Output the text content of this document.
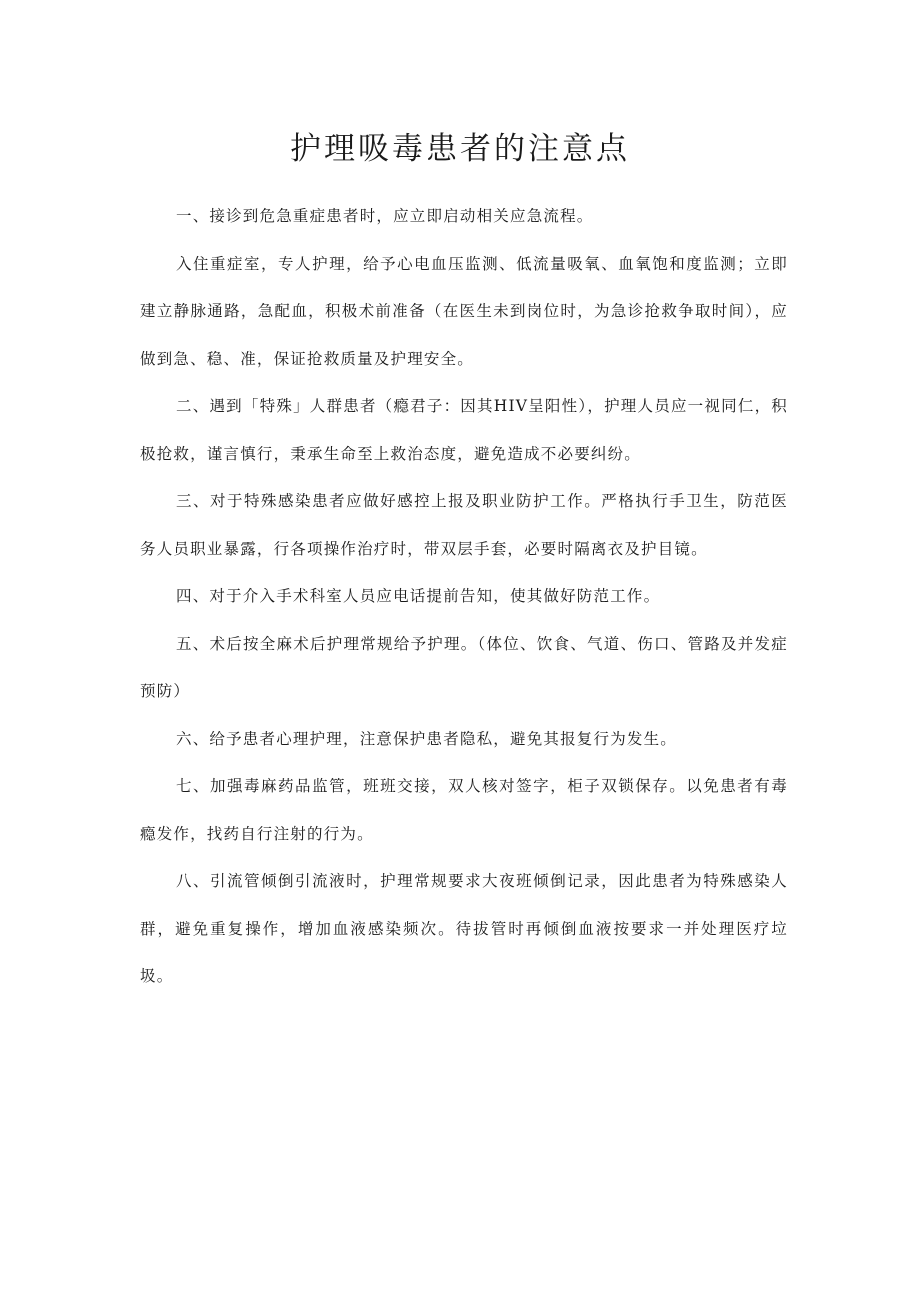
护理吸毒患者的注意点

一、接诊到危急重症患者时，应立即启动相关应急流程。

入住重症室，专人护理，给予心电血压监测、低流量吸氧、血氧饱和度监测；立即建立静脉通路，急配血，积极术前准备（在医生未到岗位时，为急诊抢救争取时间），应做到急、稳、准，保证抢救质量及护理安全。

二、遇到「特殊」人群患者（瘾君子：因其HIV呈阳性），护理人员应一视同仁，积极抢救，谨言慎行，秉承生命至上救治态度，避免造成不必要纠纷。

三、对于特殊感染患者应做好感控上报及职业防护工作。严格执行手卫生，防范医务人员职业暴露，行各项操作治疗时，带双层手套，必要时隔离衣及护目镜。

四、对于介入手术科室人员应电话提前告知，使其做好防范工作。

五、术后按全麻术后护理常规给予护理。（体位、饮食、气道、伤口、管路及并发症预防）

六、给予患者心理护理，注意保护患者隐私，避免其报复行为发生。

七、加强毒麻药品监管，班班交接，双人核对签字，柜子双锁保存。以免患者有毒瘾发作，找药自行注射的行为。

八、引流管倾倒引流液时，护理常规要求大夜班倾倒记录，因此患者为特殊感染人群，避免重复操作，增加血液感染频次。待拔管时再倾倒血液按要求一并处理医疗垃圾。
